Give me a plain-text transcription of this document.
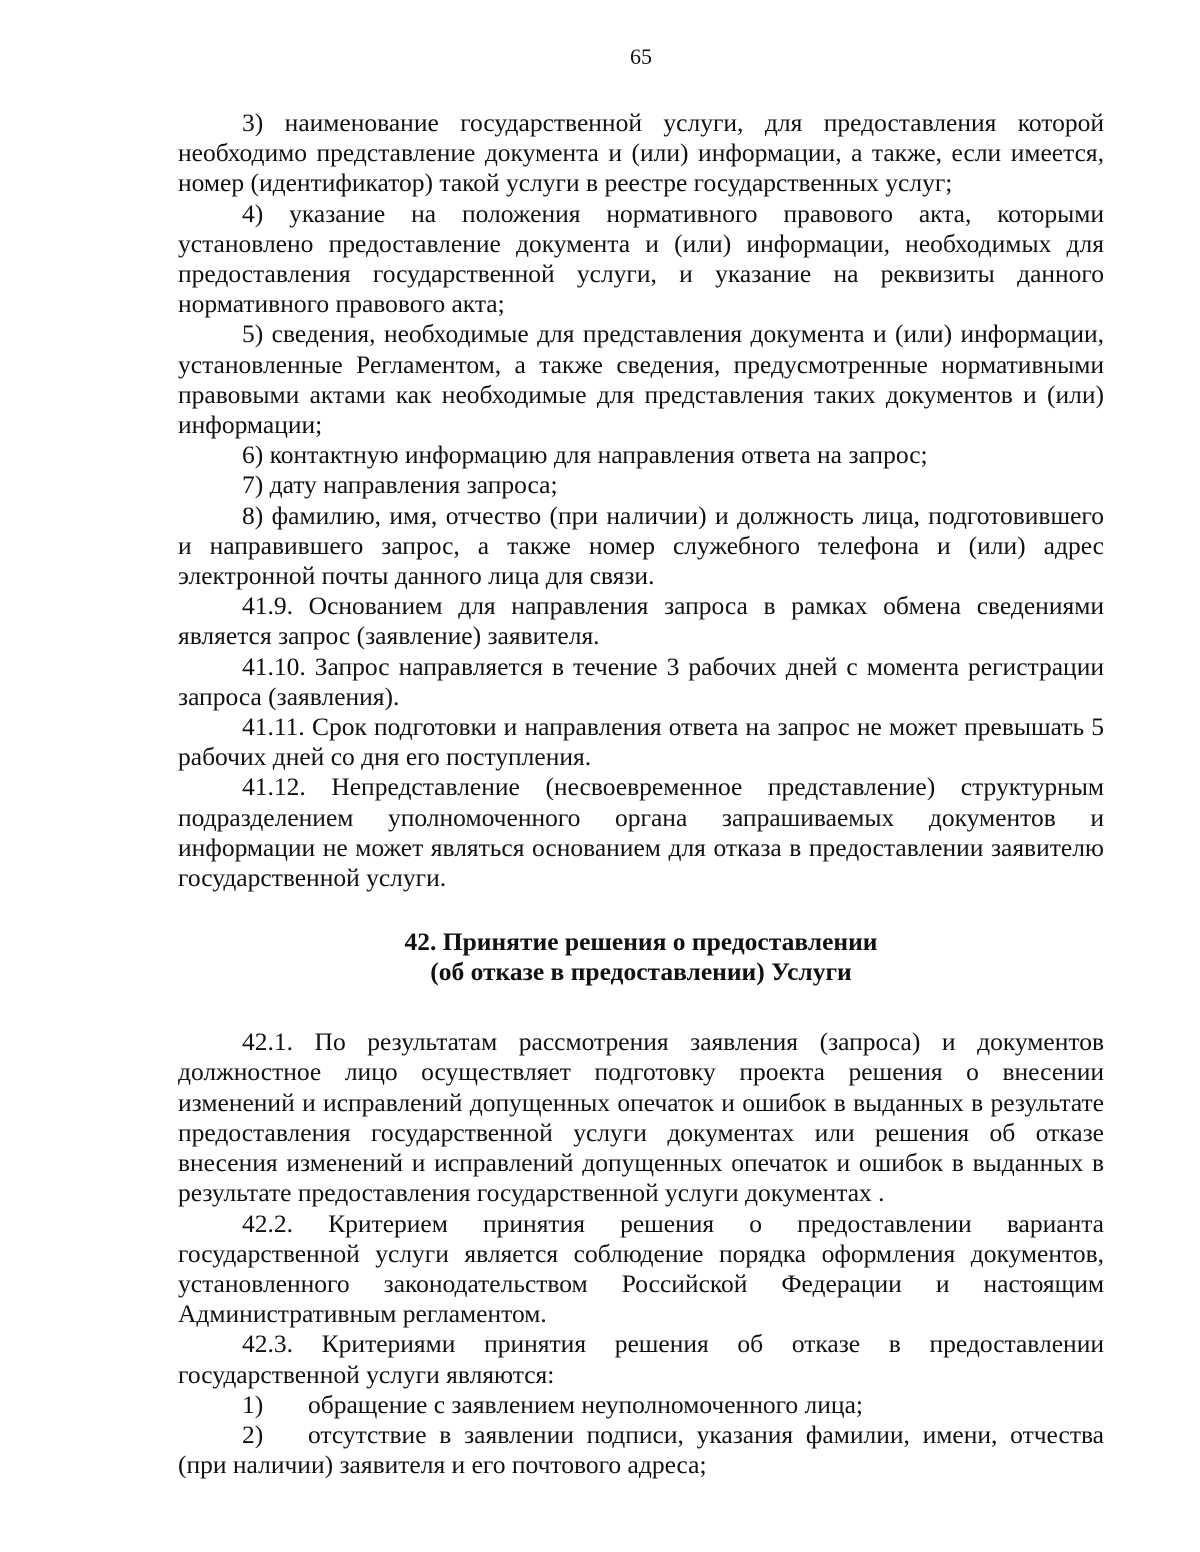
65

3) наименование государственной услуги, для предоставления которой необходимо представление документа и (или) информации, а также, если имеется, номер (идентификатор) такой услуги в реестре государственных услуг;

4) указание на положения нормативного правового акта, которыми установлено предоставление документа и (или) информации, необходимых для предоставления государственной услуги, и указание на реквизиты данного нормативного правового акта;

5) сведения, необходимые для представления документа и (или) информации, установленные Регламентом, а также сведения, предусмотренные нормативными правовыми актами как необходимые для представления таких документов и (или) информации;

6) контактную информацию для направления ответа на запрос;

7) дату направления запроса;

8) фамилию, имя, отчество (при наличии) и должность лица, подготовившего и направившего запрос, а также номер служебного телефона и (или) адрес электронной почты данного лица для связи.

41.9. Основанием для направления запроса в рамках обмена сведениями является запрос (заявление) заявителя.

41.10. Запрос направляется в течение 3 рабочих дней с момента регистрации запроса (заявления).

41.11. Срок подготовки и направления ответа на запрос не может превышать 5 рабочих дней со дня его поступления.

41.12. Непредставление (несвоевременное представление) структурным подразделением уполномоченного органа запрашиваемых документов и информации не может являться основанием для отказа в предоставлении заявителю государственной услуги.

42. Принятие решения о предоставлении

(об отказе в предоставлении) Услуги

42.1. По результатам рассмотрения заявления (запроса) и документов должностное лицо осуществляет подготовку проекта решения о внесении изменений и исправлений допущенных опечаток и ошибок в выданных в результате предоставления государственной услуги документах или решения об отказе внесения изменений и исправлений допущенных опечаток и ошибок в выданных в результате предоставления государственной услуги документах .

42.2. Критерием принятия решения о предоставлении варианта государственной услуги является соблюдение порядка оформления документов, установленного законодательством Российской Федерации и настоящим Административным регламентом.

42.3. Критериями принятия решения об отказе в предоставлении государственной услуги являются:

1) обращение с заявлением неуполномоченного лица;

2) отсутствие в заявлении подписи, указания фамилии, имени, отчества (при наличии) заявителя и его почтового адреса;
